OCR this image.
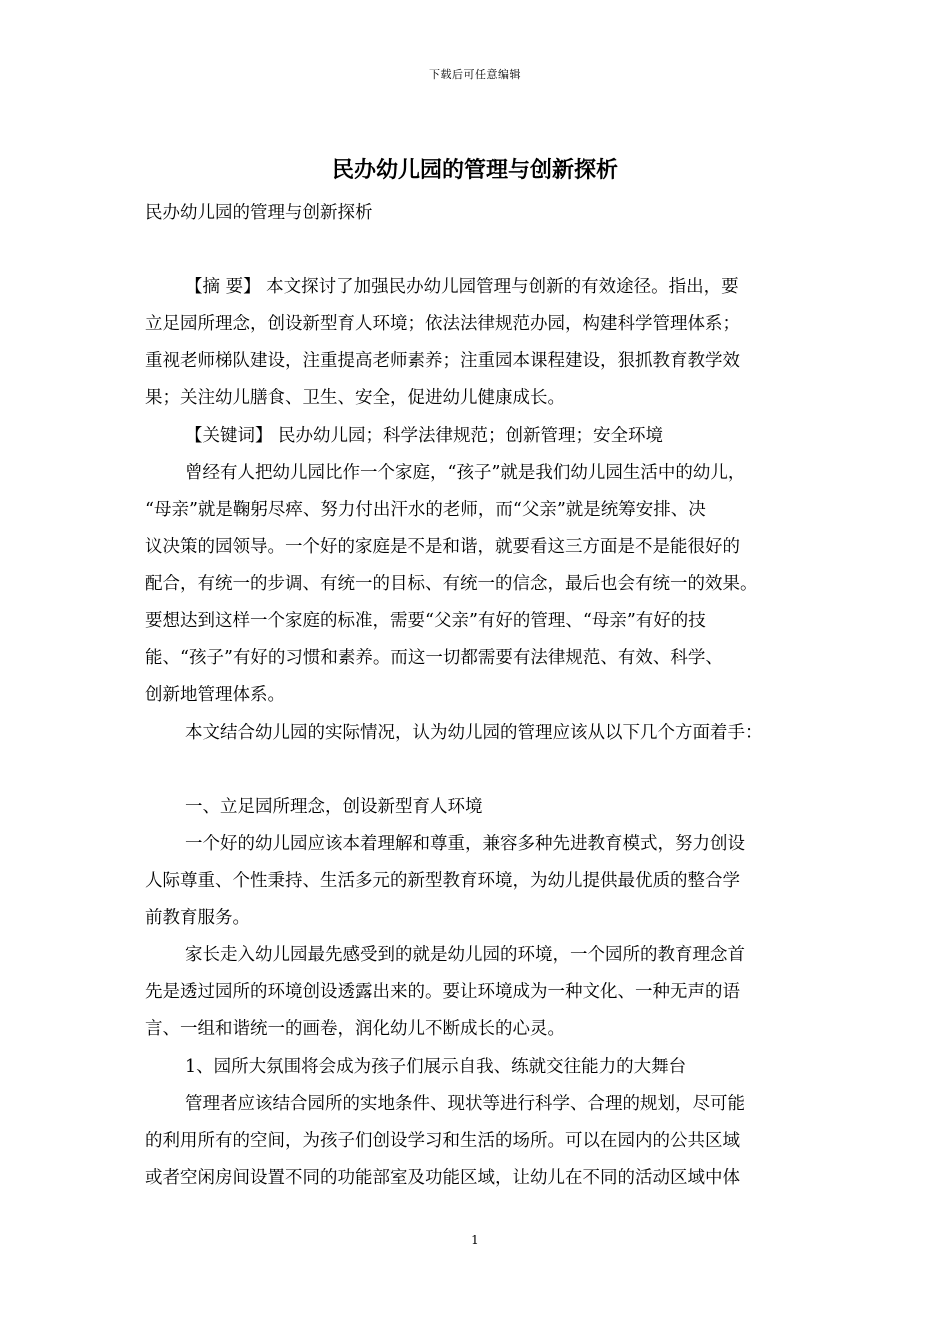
下载后可任意编辑
民办幼儿园的管理与创新探析
民办幼儿园的管理与创新探析
【摘 要】 本文探讨了加强民办幼儿园管理与创新的有效途径。指出，要
立足园所理念，创设新型育人环境；依法法律规范办园，构建科学管理体系；
重视老师梯队建设，注重提高老师素养；注重园本课程建设，狠抓教育教学效
果；关注幼儿膳食、卫生、安全，促进幼儿健康成长。
【关键词】 民办幼儿园；科学法律规范；创新管理；安全环境
曾经有人把幼儿园比作一个家庭，“孩子”就是我们幼儿园生活中的幼儿，
“母亲”就是鞠躬尽瘁、努力付出汗水的老师，而“父亲”就是统筹安排、决
议决策的园领导。一个好的家庭是不是和谐，就要看这三方面是不是能很好的
配合，有统一的步调、有统一的目标、有统一的信念，最后也会有统一的效果。
要想达到这样一个家庭的标准，需要“父亲”有好的管理、“母亲”有好的技
能、“孩子”有好的习惯和素养。而这一切都需要有法律规范、有效、科学、
创新地管理体系。
本文结合幼儿园的实际情况，认为幼儿园的管理应该从以下几个方面着手：
一、立足园所理念，创设新型育人环境
一个好的幼儿园应该本着理解和尊重，兼容多种先进教育模式，努力创设
人际尊重、个性秉持、生活多元的新型教育环境，为幼儿提供最优质的整合学
前教育服务。
家长走入幼儿园最先感受到的就是幼儿园的环境，一个园所的教育理念首
先是透过园所的环境创设透露出来的。要让环境成为一种文化、一种无声的语
言、一组和谐统一的画卷，润化幼儿不断成长的心灵。
1、园所大氛围将会成为孩子们展示自我、练就交往能力的大舞台
管理者应该结合园所的实地条件、现状等进行科学、合理的规划，尽可能
的利用所有的空间，为孩子们创设学习和生活的场所。可以在园内的公共区域
或者空闲房间设置不同的功能部室及功能区域，让幼儿在不同的活动区域中体
1
